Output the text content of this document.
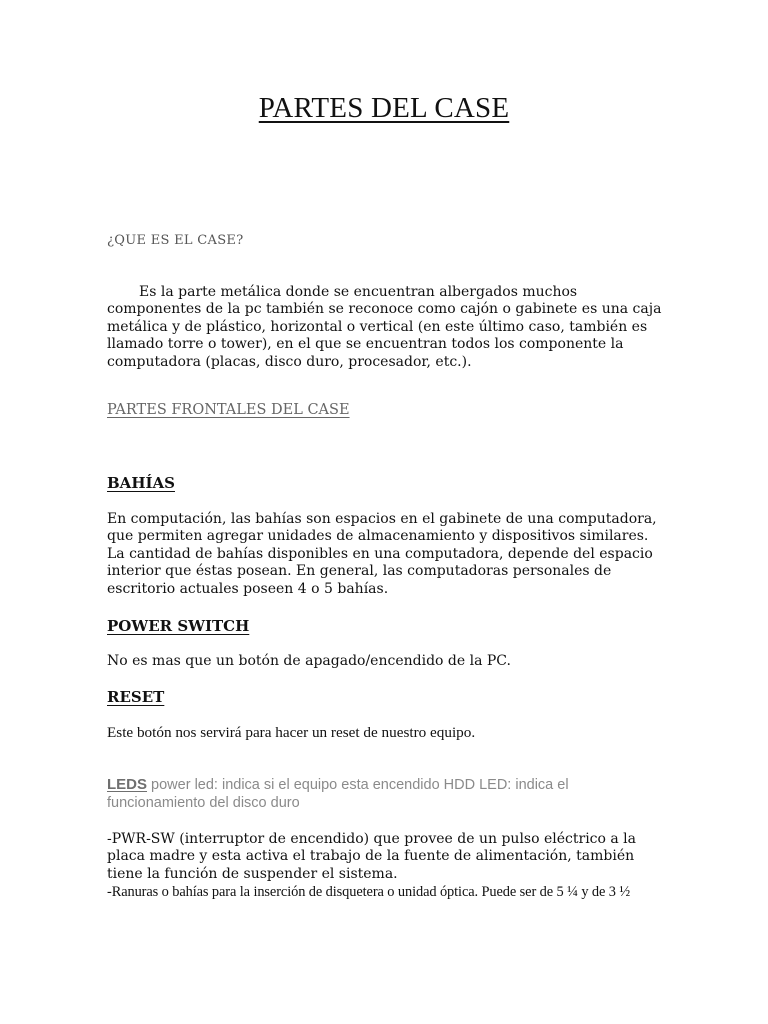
PARTES DEL CASE
¿QUE ES EL CASE?

Es la parte metálica donde se encuentran albergados muchos componentes de la pc también se reconoce como cajón o gabinete es una caja metálica y de plástico, horizontal o vertical (en este último caso, también es llamado torre o tower), en el que se encuentran todos los componente la computadora (placas, disco duro, procesador, etc.).

PARTES FRONTALES DEL CASE
BAHÍAS

En computación, las bahías son espacios en el gabinete de una computadora, que permiten agregar unidades de almacenamiento y dispositivos similares. La cantidad de bahías disponibles en una computadora, depende del espacio interior que éstas posean. En general, las computadoras personales de escritorio actuales poseen 4 o 5 bahías.

POWER SWITCH

No es mas que un botón de apagado/encendido de la PC.

RESET

Este botón nos servirá para hacer un reset de nuestro equipo.

LEDS power led: indica si el equipo esta encendido HDD LED: indica el funcionamiento del disco duro

-PWR-SW (interruptor de encendido) que provee de un pulso eléctrico a la placa madre y esta activa el trabajo de la fuente de alimentación, también tiene la función de suspender el sistema.

-Ranuras o bahías para la inserción de disquetera o unidad óptica. Puede ser de 5 ¼ y de 3 ½
